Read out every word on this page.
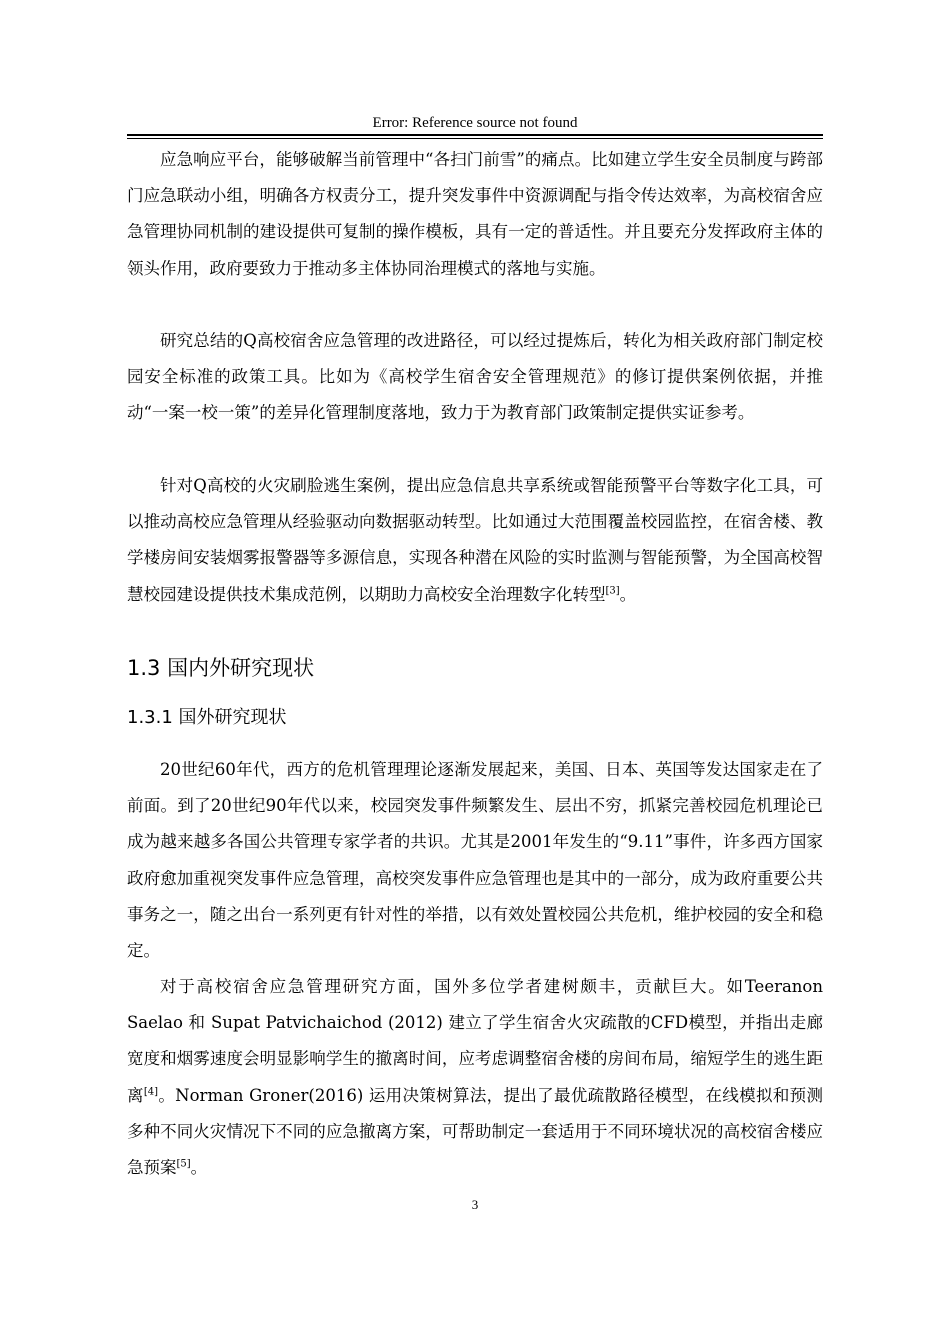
Error: Reference source not found

应急响应平台，能够破解当前管理中“各扫门前雪”的痛点。比如建立学生安全员制度与跨部门应急联动小组，明确各方权责分工，提升突发事件中资源调配与指令传达效率，为高校宿舍应急管理协同机制的建设提供可复制的操作模板，具有一定的普适性。并且要充分发挥政府主体的领头作用，政府要致力于推动多主体协同治理模式的落地与实施。

研究总结的Q高校宿舍应急管理的改进路径，可以经过提炼后，转化为相关政府部门制定校园安全标准的政策工具。比如为《高校学生宿舍安全管理规范》的修订提供案例依据，并推动“一案一校一策”的差异化管理制度落地，致力于为教育部门政策制定提供实证参考。

针对Q高校的火灾刷脸逃生案例，提出应急信息共享系统或智能预警平台等数字化工具，可以推动高校应急管理从经验驱动向数据驱动转型。比如通过大范围覆盖校园监控，在宿舍楼、教学楼房间安装烟雾报警器等多源信息，实现各种潜在风险的实时监测与智能预警，为全国高校智慧校园建设提供技术集成范例，以期助力高校安全治理数字化转型[3]。

1.3 国内外研究现状
1.3.1 国外研究现状

20世纪60年代，西方的危机管理理论逐渐发展起来，美国、日本、英国等发达国家走在了前面。到了20世纪90年代以来，校园突发事件频繁发生、层出不穷，抓紧完善校园危机理论已成为越来越多各国公共管理专家学者的共识。尤其是2001年发生的“9.11”事件，许多西方国家政府愈加重视突发事件应急管理，高校突发事件应急管理也是其中的一部分，成为政府重要公共事务之一，随之出台一系列更有针对性的举措，以有效处置校园公共危机，维护校园的安全和稳定。

对于高校宿舍应急管理研究方面，国外多位学者建树颇丰，贡献巨大。如Teeranon Saelao 和 Supat Patvichaichod (2012) 建立了学生宿舍火灾疏散的CFD模型，并指出走廊宽度和烟雾速度会明显影响学生的撤离时间，应考虑调整宿舍楼的房间布局，缩短学生的逃生距离[4]。Norman Groner(2016) 运用决策树算法，提出了最优疏散路径模型，在线模拟和预测多种不同火灾情况下不同的应急撤离方案，可帮助制定一套适用于不同环境状况的高校宿舍楼应急预案[5]。

3
